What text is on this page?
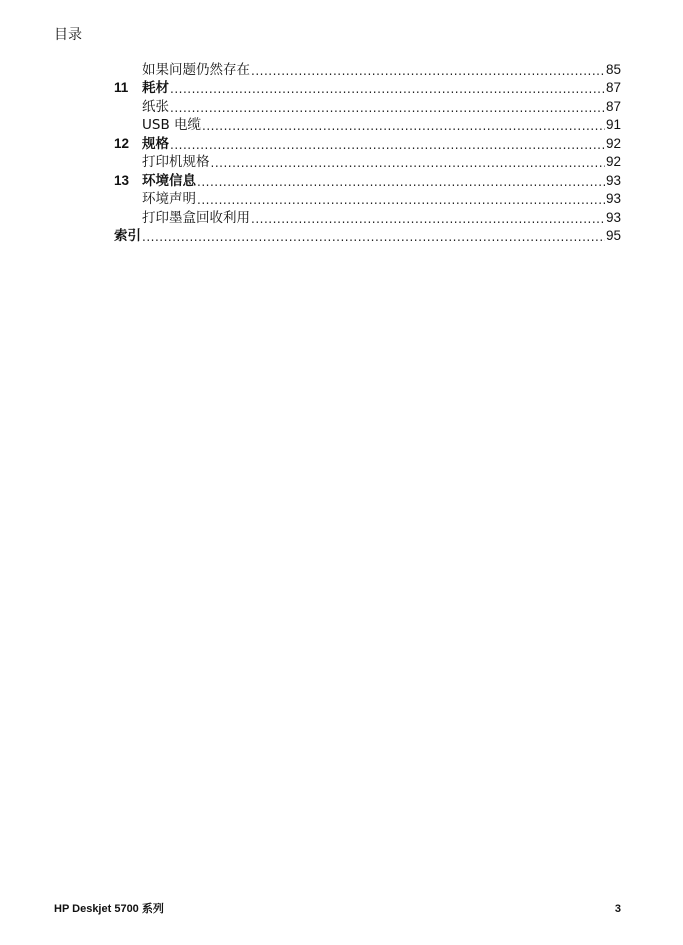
目录
如果问题仍然存在 .....	85
11	耗材 .....	87
纸张 .....	87
USB 电缆 .....	91
12 规格 .....	92
打印机规格 .....	92
13 环境信息 .....	93
环境声明 .....	93
打印墨盒回收利用 .....	93
索引 .....	95
HP Deskjet 5700 系列	3
